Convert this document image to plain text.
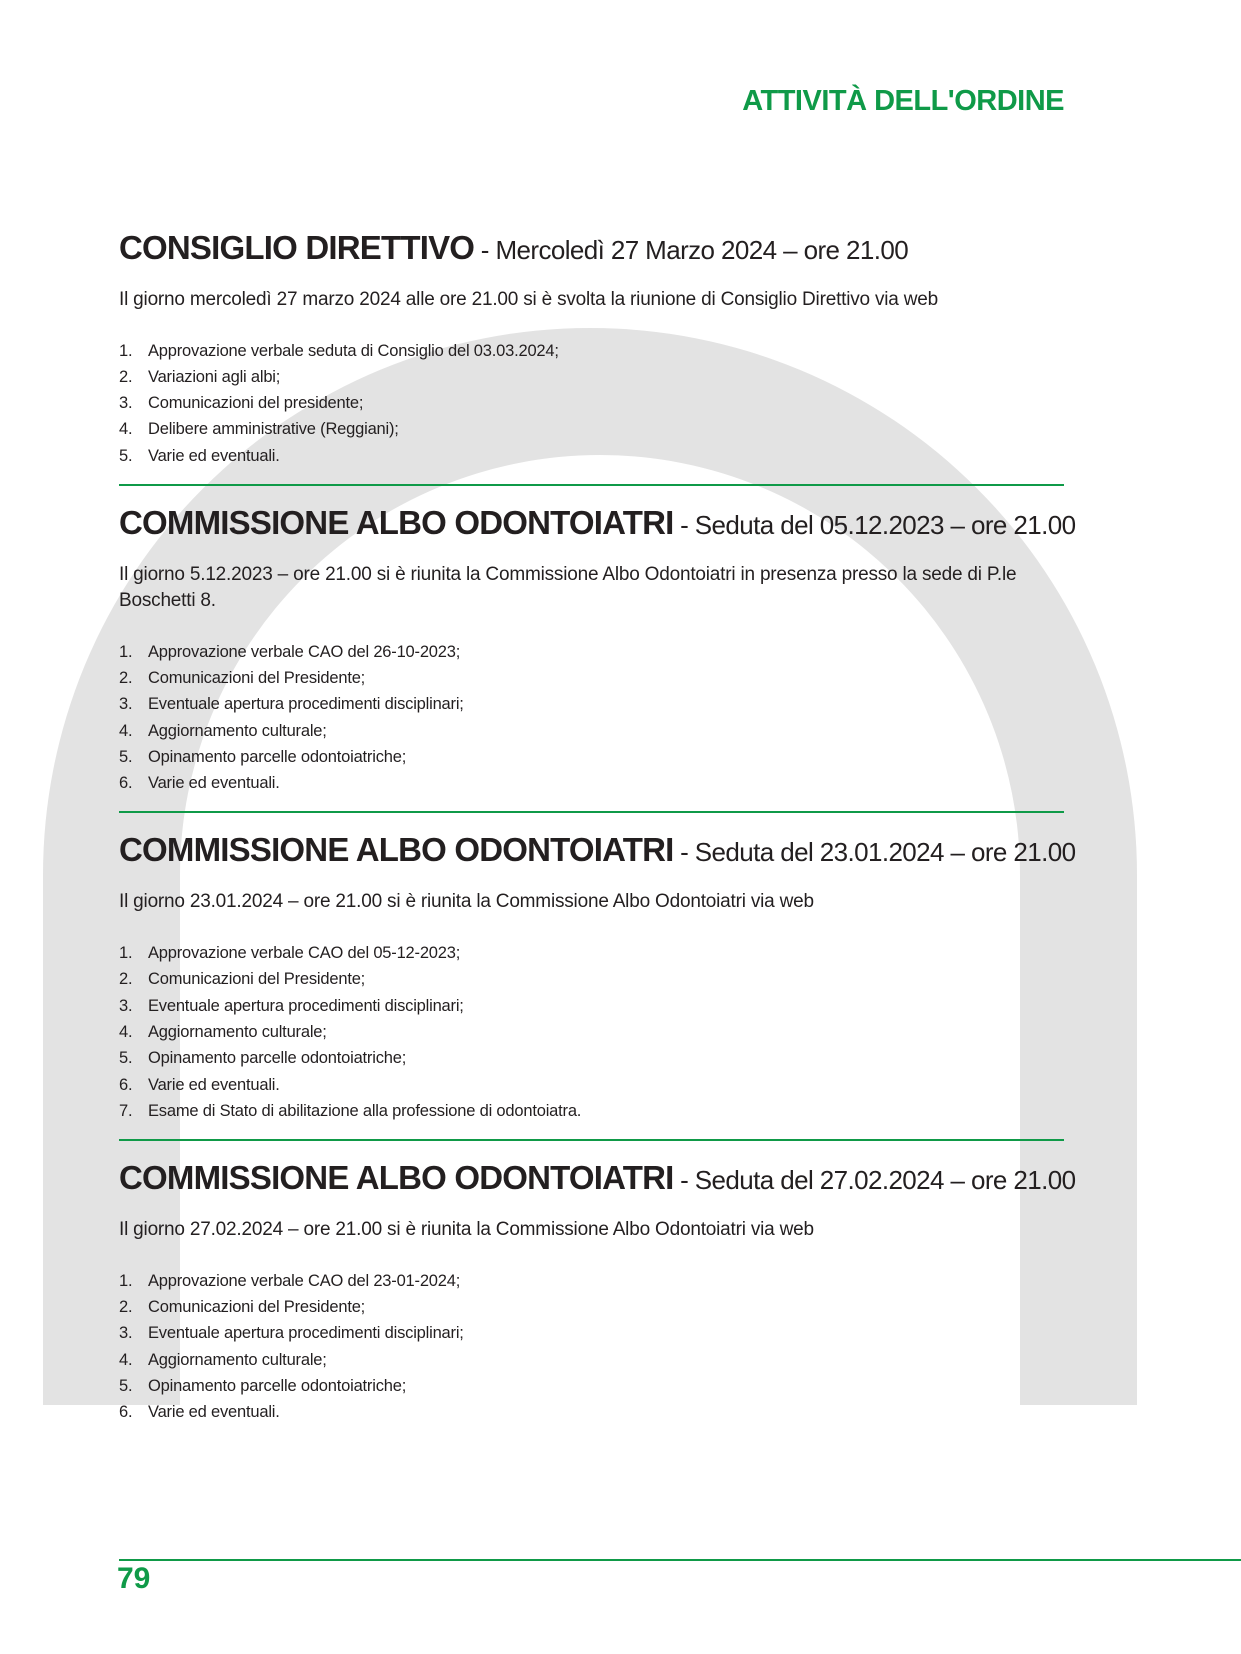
ATTIVITÀ DELL'ORDINE
CONSIGLIO DIRETTIVO - Mercoledì 27 Marzo 2024 – ore 21.00

Il giorno mercoledì 27 marzo 2024 alle ore 21.00 si è svolta la riunione di Consiglio Direttivo via web

1. Approvazione verbale seduta di Consiglio del 03.03.2024;
2. Variazioni agli albi;
3. Comunicazioni del presidente;
4. Delibere amministrative (Reggiani);
5. Varie ed eventuali.
COMMISSIONE ALBO ODONTOIATRI - Seduta del 05.12.2023 – ore 21.00

Il giorno 5.12.2023 – ore 21.00 si è riunita la Commissione Albo Odontoiatri in presenza presso la sede di P.le Boschetti 8.

1. Approvazione verbale CAO del 26-10-2023;
2. Comunicazioni del Presidente;
3. Eventuale apertura procedimenti disciplinari;
4. Aggiornamento culturale;
5. Opinamento parcelle odontoiatriche;
6. Varie ed eventuali.
COMMISSIONE ALBO ODONTOIATRI - Seduta del 23.01.2024 – ore 21.00

Il giorno 23.01.2024 – ore 21.00 si è riunita la Commissione Albo Odontoiatri via web

1. Approvazione verbale CAO del 05-12-2023;
2. Comunicazioni del Presidente;
3. Eventuale apertura procedimenti disciplinari;
4. Aggiornamento culturale;
5. Opinamento parcelle odontoiatriche;
6. Varie ed eventuali.
7. Esame di Stato di abilitazione alla professione di odontoiatra.
COMMISSIONE ALBO ODONTOIATRI - Seduta del 27.02.2024 – ore 21.00

Il giorno 27.02.2024 – ore 21.00 si è riunita la Commissione Albo Odontoiatri via web

1. Approvazione verbale CAO del 23-01-2024;
2. Comunicazioni del Presidente;
3. Eventuale apertura procedimenti disciplinari;
4. Aggiornamento culturale;
5. Opinamento parcelle odontoiatriche;
6. Varie ed eventuali.

79
